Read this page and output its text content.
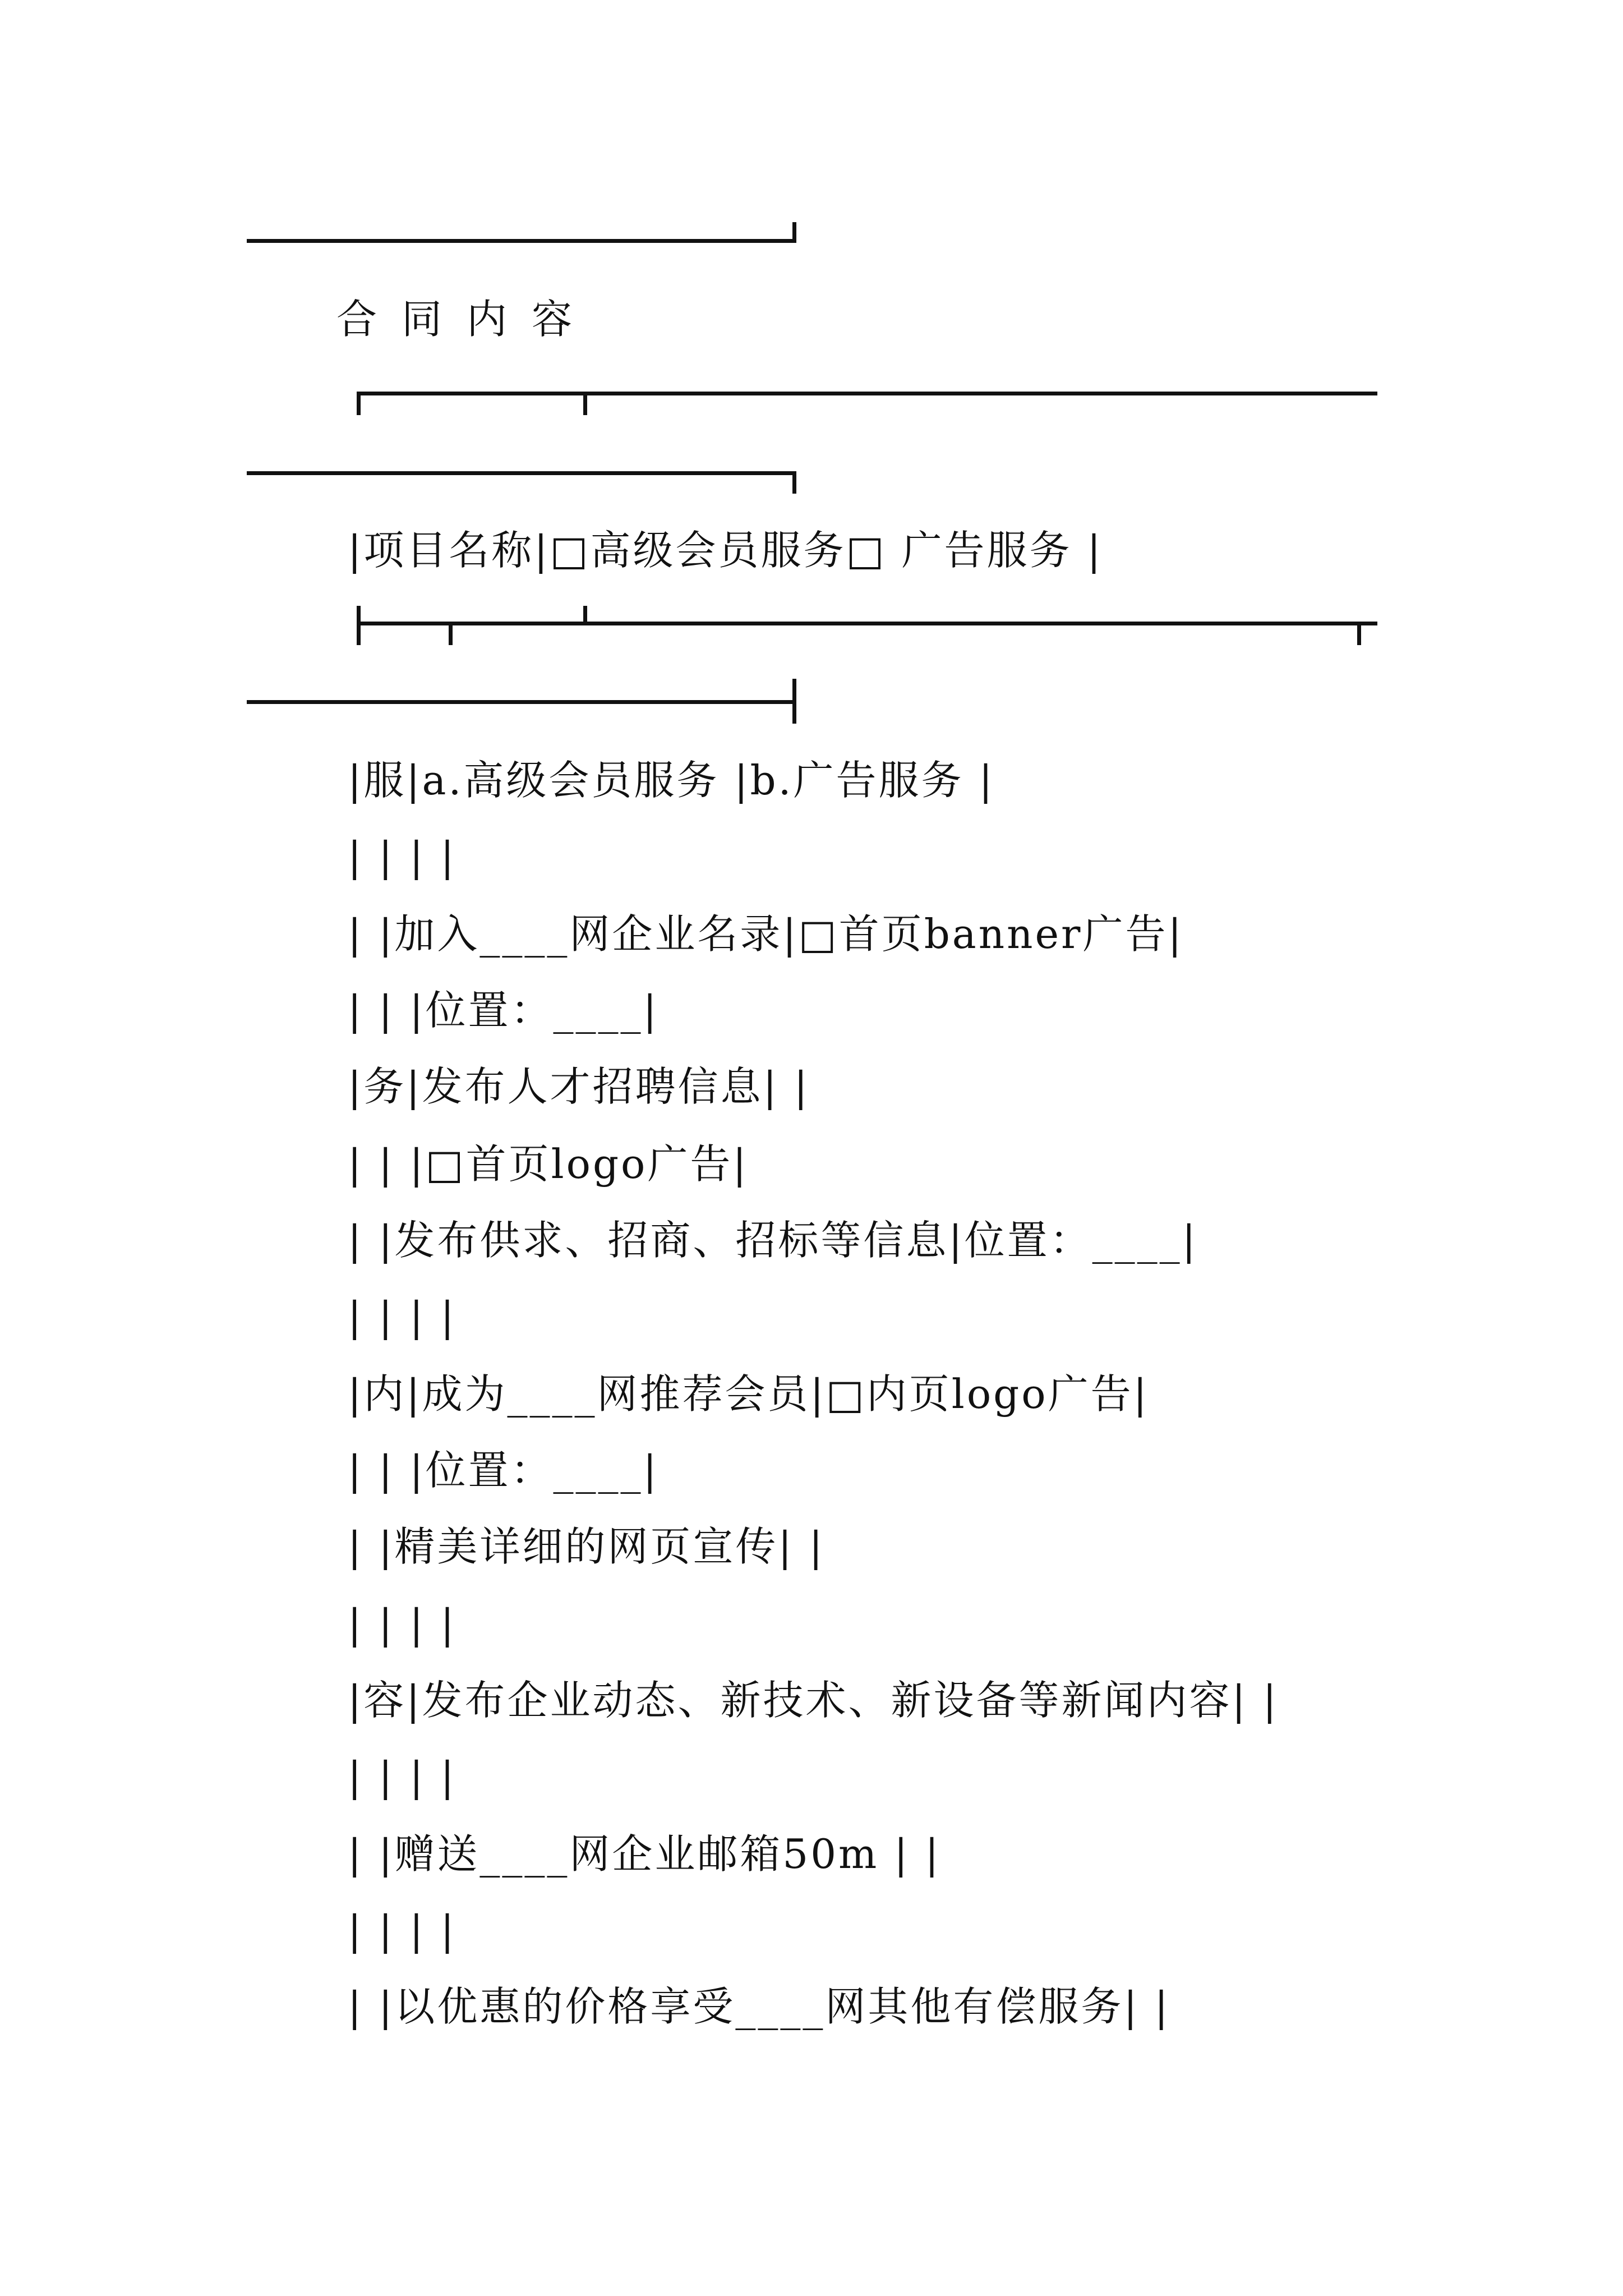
合同内容
|项目名称|□高级会员服务□ 广告服务 |
|服|a.高级会员服务 |b.广告服务 |
| | | |
| |加入____网企业名录|□首页banner广告|
| | |位置：____|
|务|发布人才招聘信息| |
| | |□首页logo广告|
| |发布供求、招商、招标等信息|位置：____|
| | | |
|内|成为____网推荐会员|□内页logo广告|
| | |位置：____|
| |精美详细的网页宣传| |
| | | |
|容|发布企业动态、新技术、新设备等新闻内容| |
| | | |
| |赠送____网企业邮箱50m | |
| | | |
| |以优惠的价格享受____网其他有偿服务| |
